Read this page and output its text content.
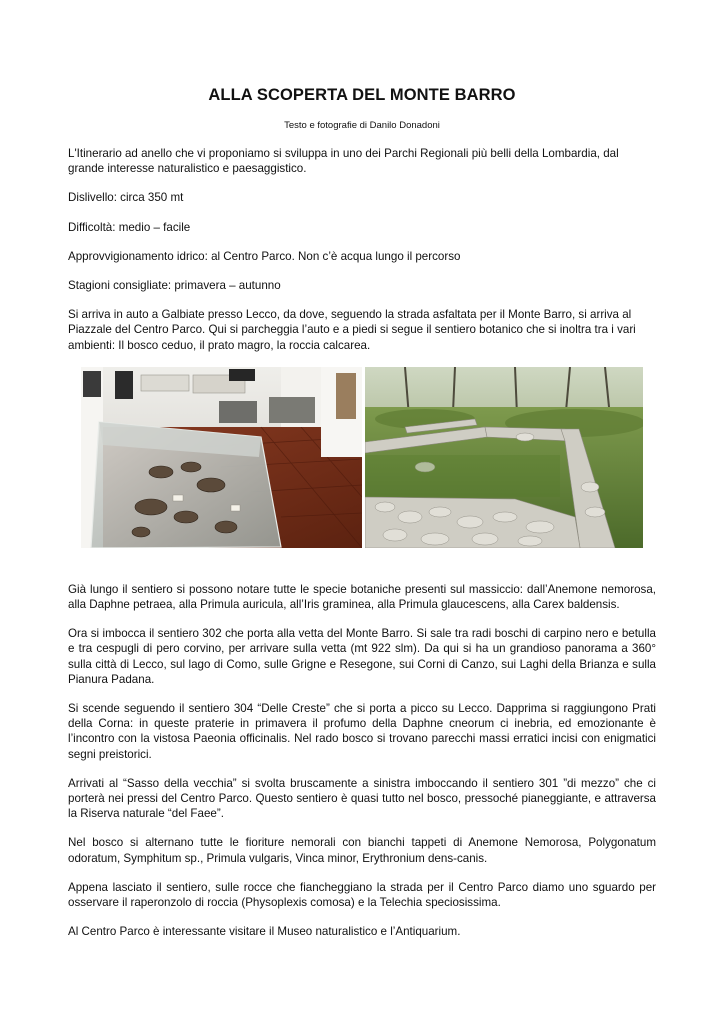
ALLA SCOPERTA DEL MONTE BARRO
Testo e fotografie di Danilo Donadoni

L'Itinerario ad anello che vi proponiamo si sviluppa in uno dei Parchi Regionali più belli della Lombardia, dal grande interesse naturalistico e paesaggistico.

Dislivello: circa 350 mt

Difficoltà: medio – facile

Approvvigionamento idrico: al Centro Parco. Non c’è acqua lungo il percorso

Stagioni consigliate: primavera – autunno

Si arriva in auto a Galbiate presso Lecco, da dove, seguendo la strada asfaltata per il Monte Barro, si arriva al Piazzale del Centro Parco. Qui si parcheggia l’auto e a piedi si segue il sentiero botanico che si inoltra tra i vari ambienti: Il bosco ceduo, il prato magro, la roccia calcarea.

Già lungo il sentiero si possono notare tutte le specie botaniche presenti sul massiccio: dall’Anemone nemorosa, alla Daphne petraea, alla Primula auricula, all’Iris graminea, alla Primula glaucescens, alla Carex baldensis.

Ora si imbocca il sentiero 302 che porta alla vetta del Monte Barro. Si sale tra radi boschi di carpino nero e betulla e tra cespugli di pero corvino, per arrivare sulla vetta (mt 922 slm). Da qui si ha un grandioso panorama a 360° sulla città di Lecco, sul lago di Como, sulle Grigne e Resegone, sui Corni di Canzo, sui Laghi della Brianza e sulla Pianura Padana.

Si scende seguendo il sentiero 304 “Delle Creste” che si porta a picco su Lecco. Dapprima si raggiungono Prati della Corna: in queste praterie in primavera il profumo della Daphne cneorum ci inebria, ed emozionante è l’incontro con la vistosa Paeonia officinalis. Nel rado bosco si trovano parecchi massi erratici incisi con enigmatici segni preistorici.

Arrivati al “Sasso della vecchia” si svolta bruscamente a sinistra imboccando il sentiero 301 ”di mezzo” che ci porterà nei pressi del Centro Parco. Questo sentiero è quasi tutto nel bosco, pressoché pianeggiante, e attraversa la Riserva naturale “del Faee”.

Nel bosco si alternano tutte le fioriture nemorali con bianchi tappeti di Anemone Nemorosa, Polygonatum odoratum, Symphitum sp., Primula vulgaris, Vinca minor, Erythronium dens-canis.

Appena lasciato il sentiero, sulle rocce che fiancheggiano la strada per il Centro Parco diamo uno sguardo per osservare il raperonzolo di roccia (Physoplexis comosa) e la Telechia speciosissima.

Al Centro Parco è interessante visitare il Museo naturalistico e l’Antiquarium.
